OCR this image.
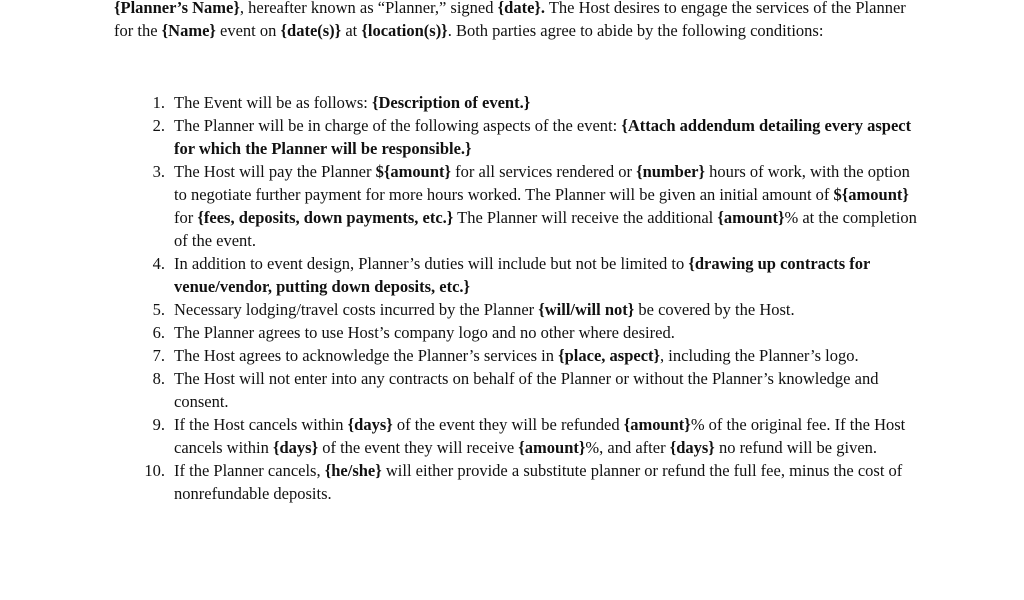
{Planner’s Name}, hereafter known as “Planner,” signed {date}. The Host desires to engage the services of the Planner for the {Name} event on {date(s)} at {location(s)}. Both parties agree to abide by the following conditions:

1. The Event will be as follows: {Description of event.}
2. The Planner will be in charge of the following aspects of the event: {Attach addendum detailing every aspect for which the Planner will be responsible.}
3. The Host will pay the Planner ${amount} for all services rendered or {number} hours of work, with the option to negotiate further payment for more hours worked. The Planner will be given an initial amount of ${amount} for {fees, deposits, down payments, etc.} The Planner will receive the additional {amount}% at the completion of the event.
4. In addition to event design, Planner’s duties will include but not be limited to {drawing up contracts for venue/vendor, putting down deposits, etc.}
5. Necessary lodging/travel costs incurred by the Planner {will/will not} be covered by the Host.
6. The Planner agrees to use Host’s company logo and no other where desired.
7. The Host agrees to acknowledge the Planner’s services in {place, aspect}, including the Planner’s logo.
8. The Host will not enter into any contracts on behalf of the Planner or without the Planner’s knowledge and consent.
9. If the Host cancels within {days} of the event they will be refunded {amount}% of the original fee. If the Host cancels within {days} of the event they will receive {amount}%, and after {days} no refund will be given.
10. If the Planner cancels, {he/she} will either provide a substitute planner or refund the full fee, minus the cost of nonrefundable deposits.
